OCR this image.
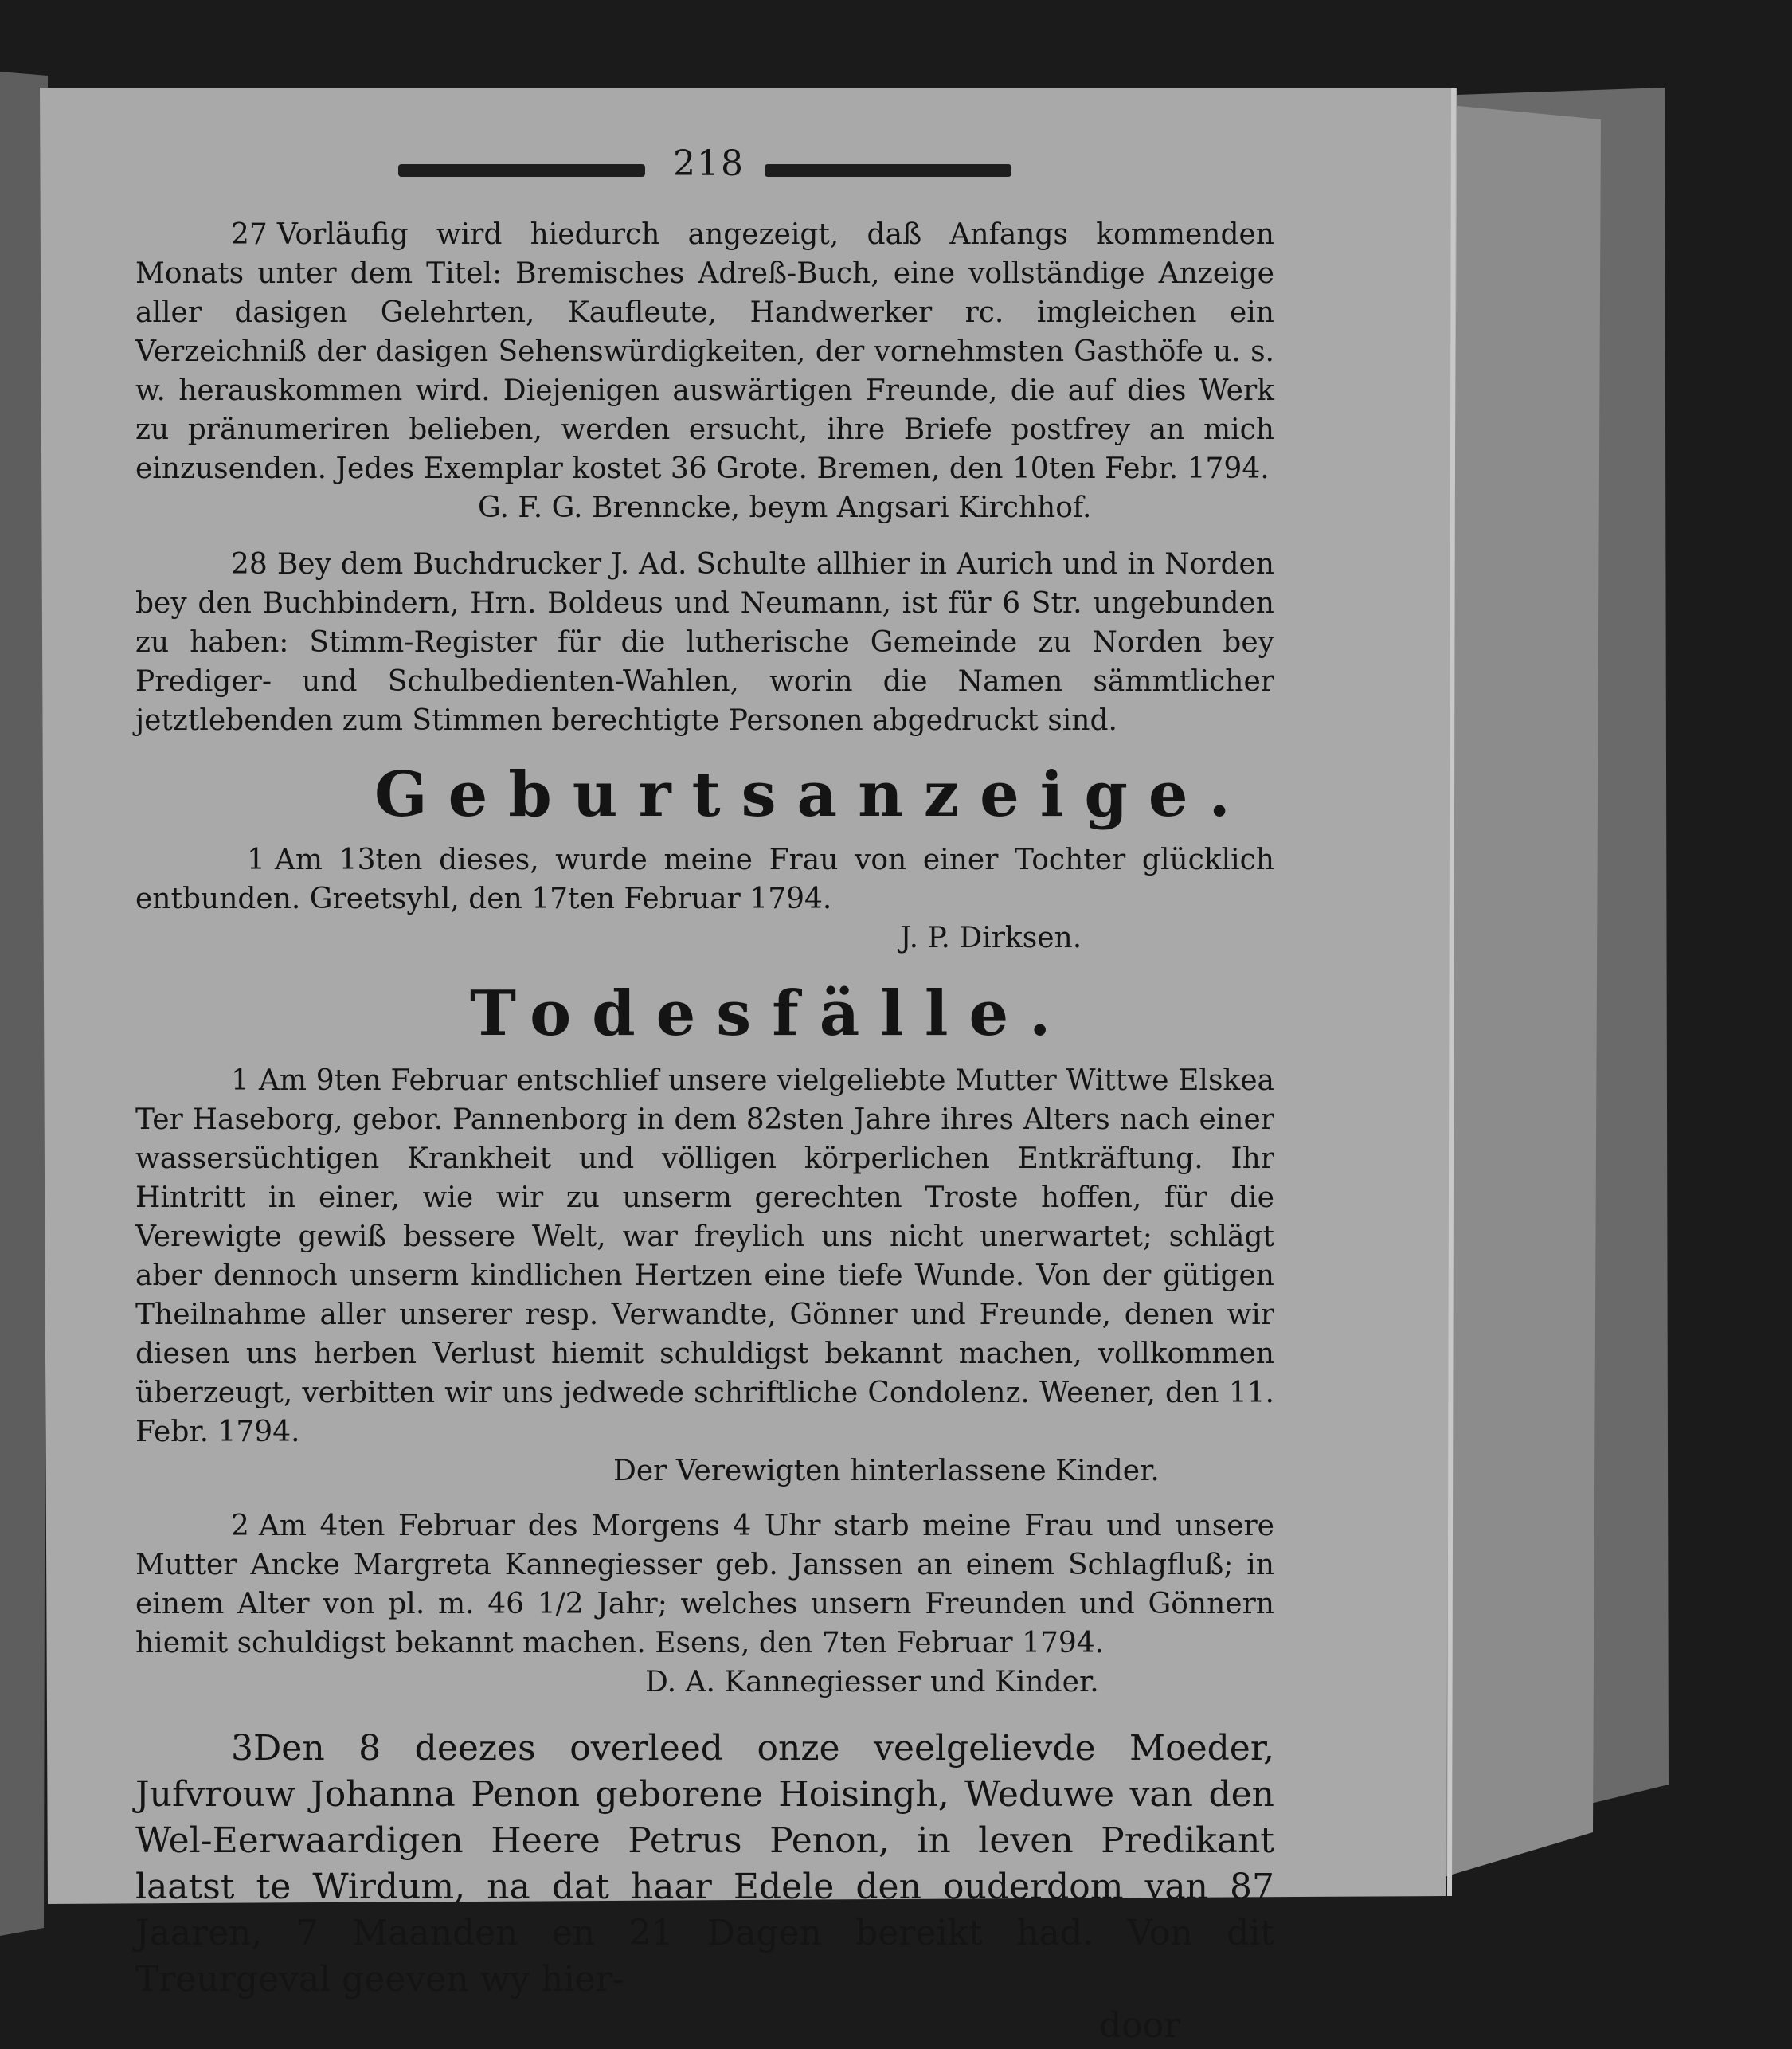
218

27 Vorläufig wird hiedurch angezeigt, daß Anfangs kommenden Monats unter dem Titel: Bremisches Adreß-Buch, eine vollständige Anzeige aller dasigen Gelehrten, Kaufleute, Handwerker rc. imgleichen ein Verzeichniß der dasigen Sehenswürdigkeiten, der vornehmsten Gasthöfe u. s. w. herauskommen wird. Diejenigen auswärtigen Freunde, die auf dies Werk zu pränumeriren belieben, werden ersucht, ihre Briefe postfrey an mich einzusenden. Jedes Exemplar kostet 36 Grote. Bremen, den 10ten Febr. 1794.

G. F. G. Brenncke, beym Angsari Kirchhof.

28 Bey dem Buchdrucker J. Ad. Schulte allhier in Aurich und in Norden bey den Buchbindern, Hrn. Boldeus und Neumann, ist für 6 Str. ungebunden zu haben: Stimm-Register für die lutherische Gemeinde zu Norden bey Prediger- und Schulbedienten-Wahlen, worin die Namen sämmtlicher jetztlebenden zum Stimmen berechtigte Personen abgedruckt sind.

Geburtsanzeige.

1 Am 13ten dieses, wurde meine Frau von einer Tochter glücklich entbunden. Greetsyhl, den 17ten Februar 1794.

J. P. Dirksen.

Todesfälle.

1 Am 9ten Februar entschlief unsere vielgeliebte Mutter Wittwe Elskea Ter Haseborg, gebor. Pannenborg in dem 82sten Jahre ihres Alters nach einer wassersüchtigen Krankheit und völligen körperlichen Entkräftung. Ihr Hintritt in einer, wie wir zu unserm gerechten Troste hoffen, für die Verewigte gewiß bessere Welt, war freylich uns nicht unerwartet; schlägt aber dennoch unserm kindlichen Hertzen eine tiefe Wunde. Von der gütigen Theilnahme aller unserer resp. Verwandte, Gönner und Freunde, denen wir diesen uns herben Verlust hiemit schuldigst bekannt machen, vollkommen überzeugt, verbitten wir uns jedwede schriftliche Condolenz. Weener, den 11. Febr. 1794.

Der Verewigten hinterlassene Kinder.

2 Am 4ten Februar des Morgens 4 Uhr starb meine Frau und unsere Mutter Ancke Margreta Kannegiesser geb. Janssen an einem Schlagfluß; in einem Alter von pl. m. 46 1/2 Jahr; welches unsern Freunden und Gönnern hiemit schuldigst bekannt machen. Esens, den 7ten Februar 1794.

D. A. Kannegiesser und Kinder.

3Den 8 deezes overleed onze veelgelievde Moeder, Jufvrouw Johanna Penon geborene Hoisingh, Weduwe van den Wel-Eerwaardigen Heere Petrus Penon, in leven Predikant laatst te Wirdum, na dat haar Edele den ouderdom van 87 Jaaren, 7 Maanden en 21 Dagen bereikt had. Von dit Treurgeval geeven wy hier-

door
